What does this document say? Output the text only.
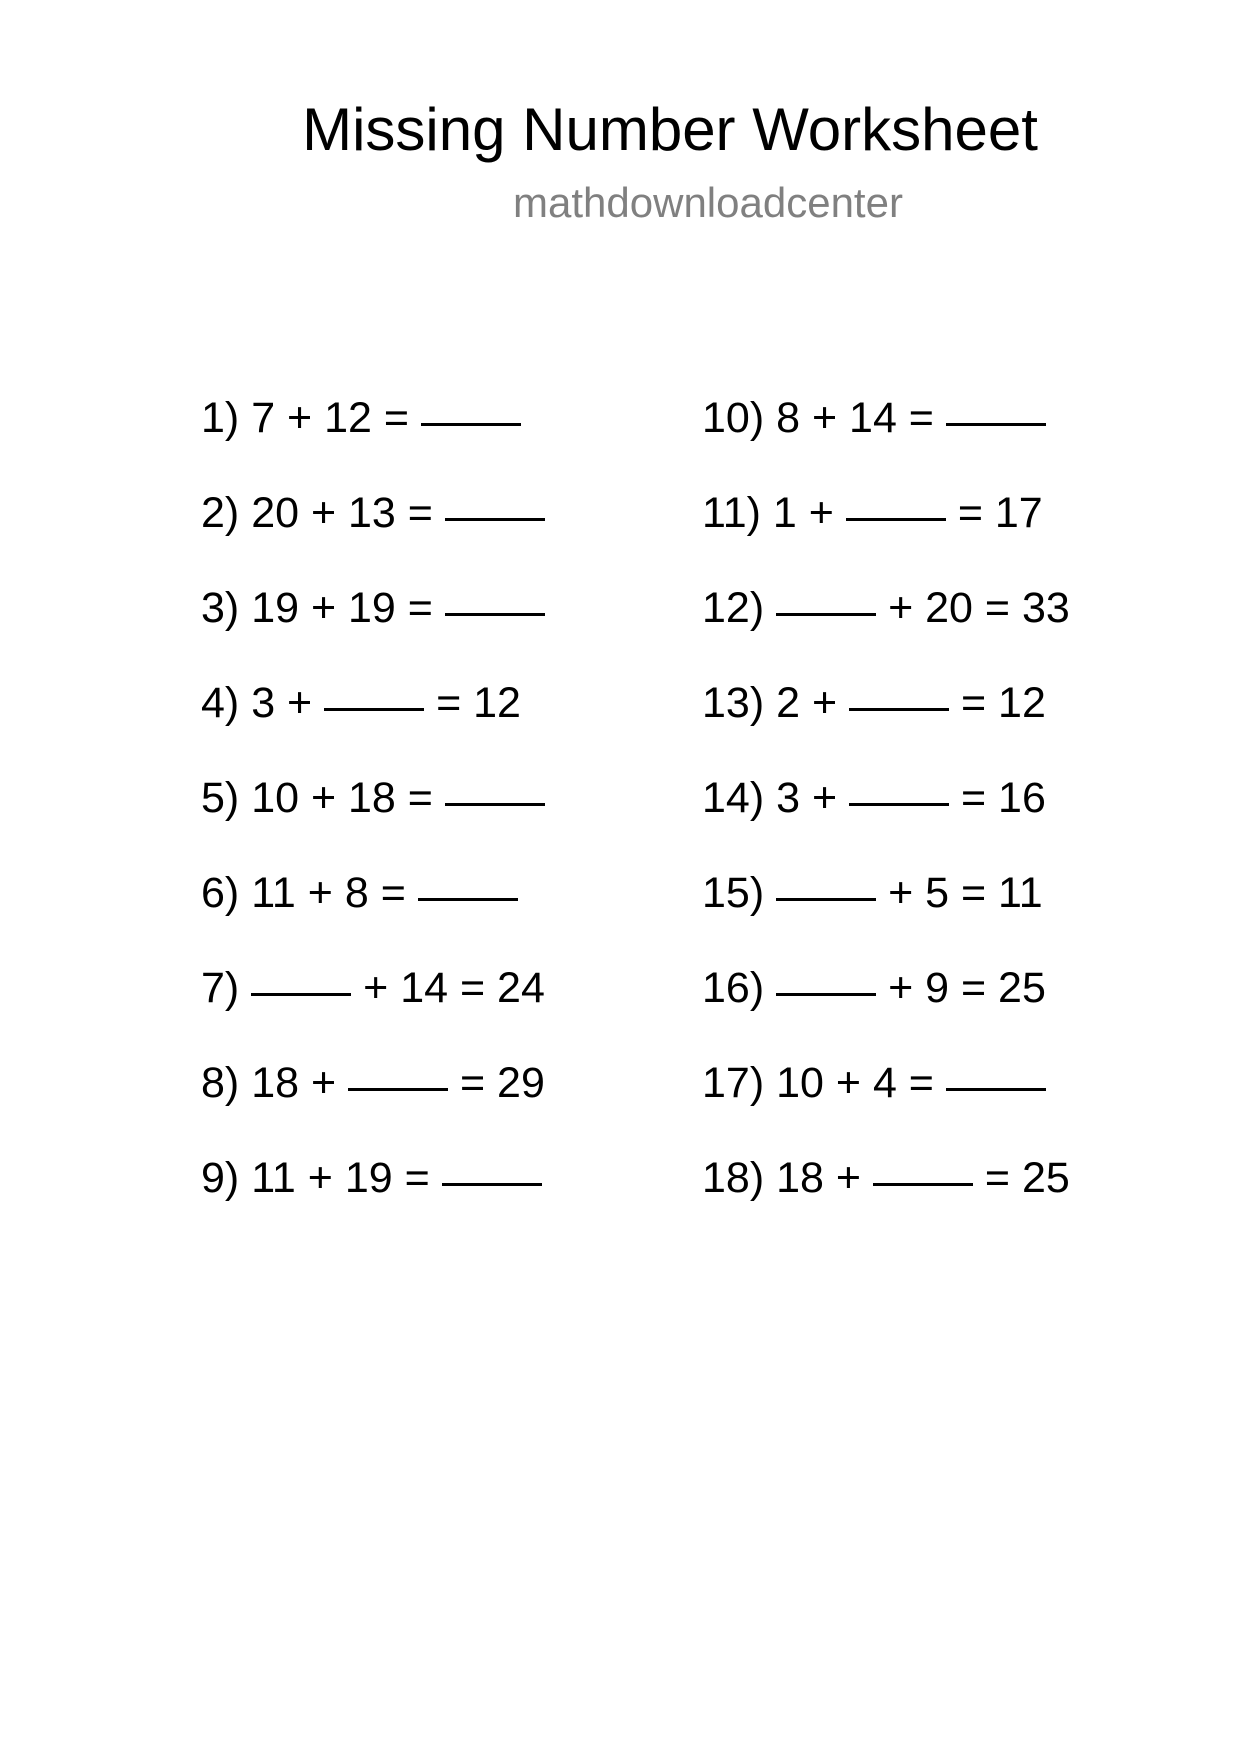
Missing Number Worksheet
mathdownloadcenter
1) 7 + 12 =
2) 20 + 13 =
3) 19 + 19 =
4) 3 +	= 12
5) 10 + 18 =
6) 11 + 8 =
7)	+ 14 = 24
8) 18 +	= 29
9) 11 + 19 =
10) 8 + 14 =
11) 1 +	= 17
12)	+ 20 = 33
13) 2 +	= 12
14) 3 +	= 16
15)	+ 5 = 11
16)	+ 9 = 25
17) 10 + 4 =
18) 18 +	= 25
